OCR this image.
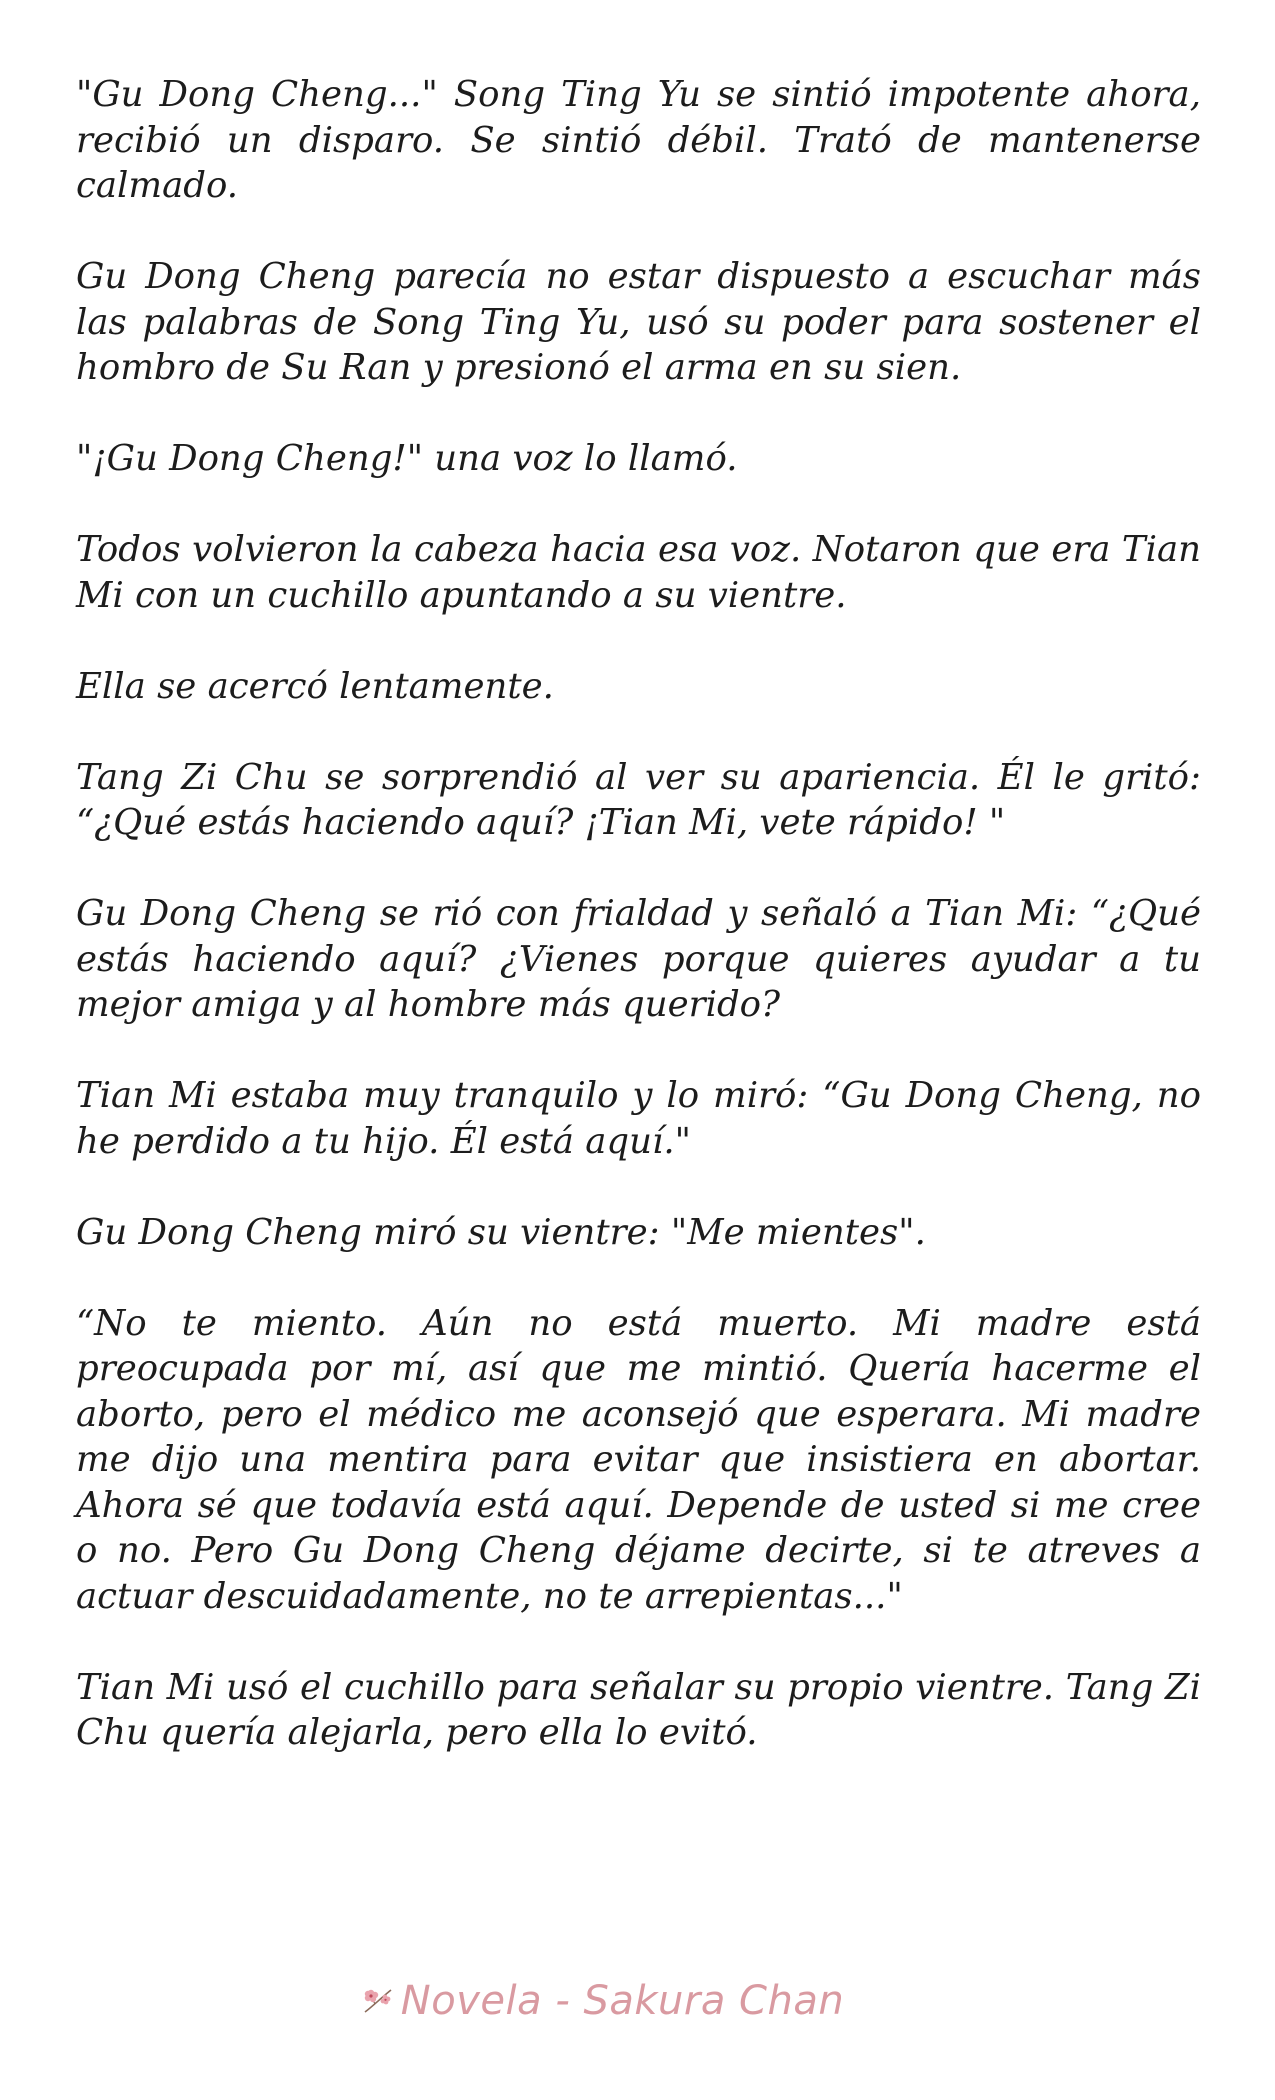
"Gu Dong Cheng..." Song Ting Yu se sintió impotente ahora, recibió un disparo. Se sintió débil. Trató de mantenerse calmado.

Gu Dong Cheng parecía no estar dispuesto a escuchar más las palabras de Song Ting Yu, usó su poder para sostener el hombro de Su Ran y presionó el arma en su sien.

"¡Gu Dong Cheng!" una voz lo llamó.

Todos volvieron la cabeza hacia esa voz. Notaron que era Tian Mi con un cuchillo apuntando a su vientre.

Ella se acercó lentamente.

Tang Zi Chu se sorprendió al ver su apariencia. Él le gritó: “¿Qué estás haciendo aquí? ¡Tian Mi, vete rápido! "

Gu Dong Cheng se rió con frialdad y señaló a Tian Mi: “¿Qué estás haciendo aquí? ¿Vienes porque quieres ayudar a tu mejor amiga y al hombre más querido?

Tian Mi estaba muy tranquilo y lo miró: “Gu Dong Cheng, no he perdido a tu hijo. Él está aquí."

Gu Dong Cheng miró su vientre: "Me mientes".

“No te miento. Aún no está muerto. Mi madre está preocupada por mí, así que me mintió. Quería hacerme el aborto, pero el médico me aconsejó que esperara. Mi madre me dijo una mentira para evitar que insistiera en abortar. Ahora sé que todavía está aquí. Depende de usted si me cree o no. Pero Gu Dong Cheng déjame decirte, si te atreves a actuar descuidadamente, no te arrepientas..."

Tian Mi usó el cuchillo para señalar su propio vientre. Tang Zi Chu quería alejarla, pero ella lo evitó.

Novela - Sakura Chan
